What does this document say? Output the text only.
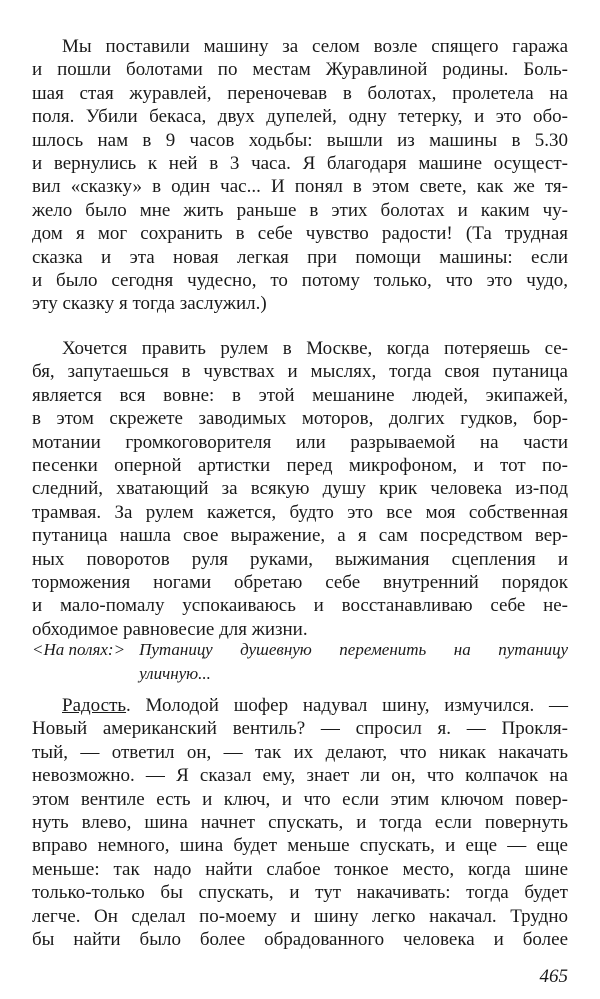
Мы поставили машину за селом возле спящего гаража
и пошли болотами по местам Журавлиной родины. Боль-
шая стая журавлей, переночевав в болотах, пролетела на
поля. Убили бекаса, двух дупелей, одну тетерку, и это обо-
шлось нам в 9 часов ходьбы: вышли из машины в 5.30
и вернулись к ней в 3 часа. Я благодаря машине осущест-
вил «сказку» в один час... И понял в этом свете, как же тя-
жело было мне жить раньше в этих болотах и каким чу-
дом я мог сохранить в себе чувство радости! (Та трудная
сказка и эта новая легкая при помощи машины: если
и было сегодня чудесно, то потому только, что это чудо,
эту сказку я тогда заслужил.)
Хочется править рулем в Москве, когда потеряешь се-
бя, запутаешься в чувствах и мыслях, тогда своя путаница
является вся вовне: в этой мешанине людей, экипажей,
в этом скрежете заводимых моторов, долгих гудков, бор-
мотании громкоговорителя или разрываемой на части
песенки оперной артистки перед микрофоном, и тот по-
следний, хватающий за всякую душу крик человека из-под
трамвая. За рулем кажется, будто это все моя собственная
путаница нашла свое выражение, а я сам посредством вер-
ных поворотов руля руками, выжимания сцепления и
торможения ногами обретаю себе внутренний порядок
и мало-помалу успокаиваюсь и восстанавливаю себе не-
обходимое равновесие для жизни.
<На полях:> Путаницу душевную переменить на путаницу
уличную...
Радость. Молодой шофер надувал шину, измучился. —
Новый американский вентиль? — спросил я. — Прокля-
тый, — ответил он, — так их делают, что никак накачать
невозможно. — Я сказал ему, знает ли он, что колпачок на
этом вентиле есть и ключ, и что если этим ключом повер-
нуть влево, шина начнет спускать, и тогда если повернуть
вправо немного, шина будет меньше спускать, и еще — еще
меньше: так надо найти слабое тонкое место, когда шине
только-только бы спускать, и тут накачивать: тогда будет
легче. Он сделал по-моему и шину легко накачал. Трудно
бы найти было более обрадованного человека и более
465
